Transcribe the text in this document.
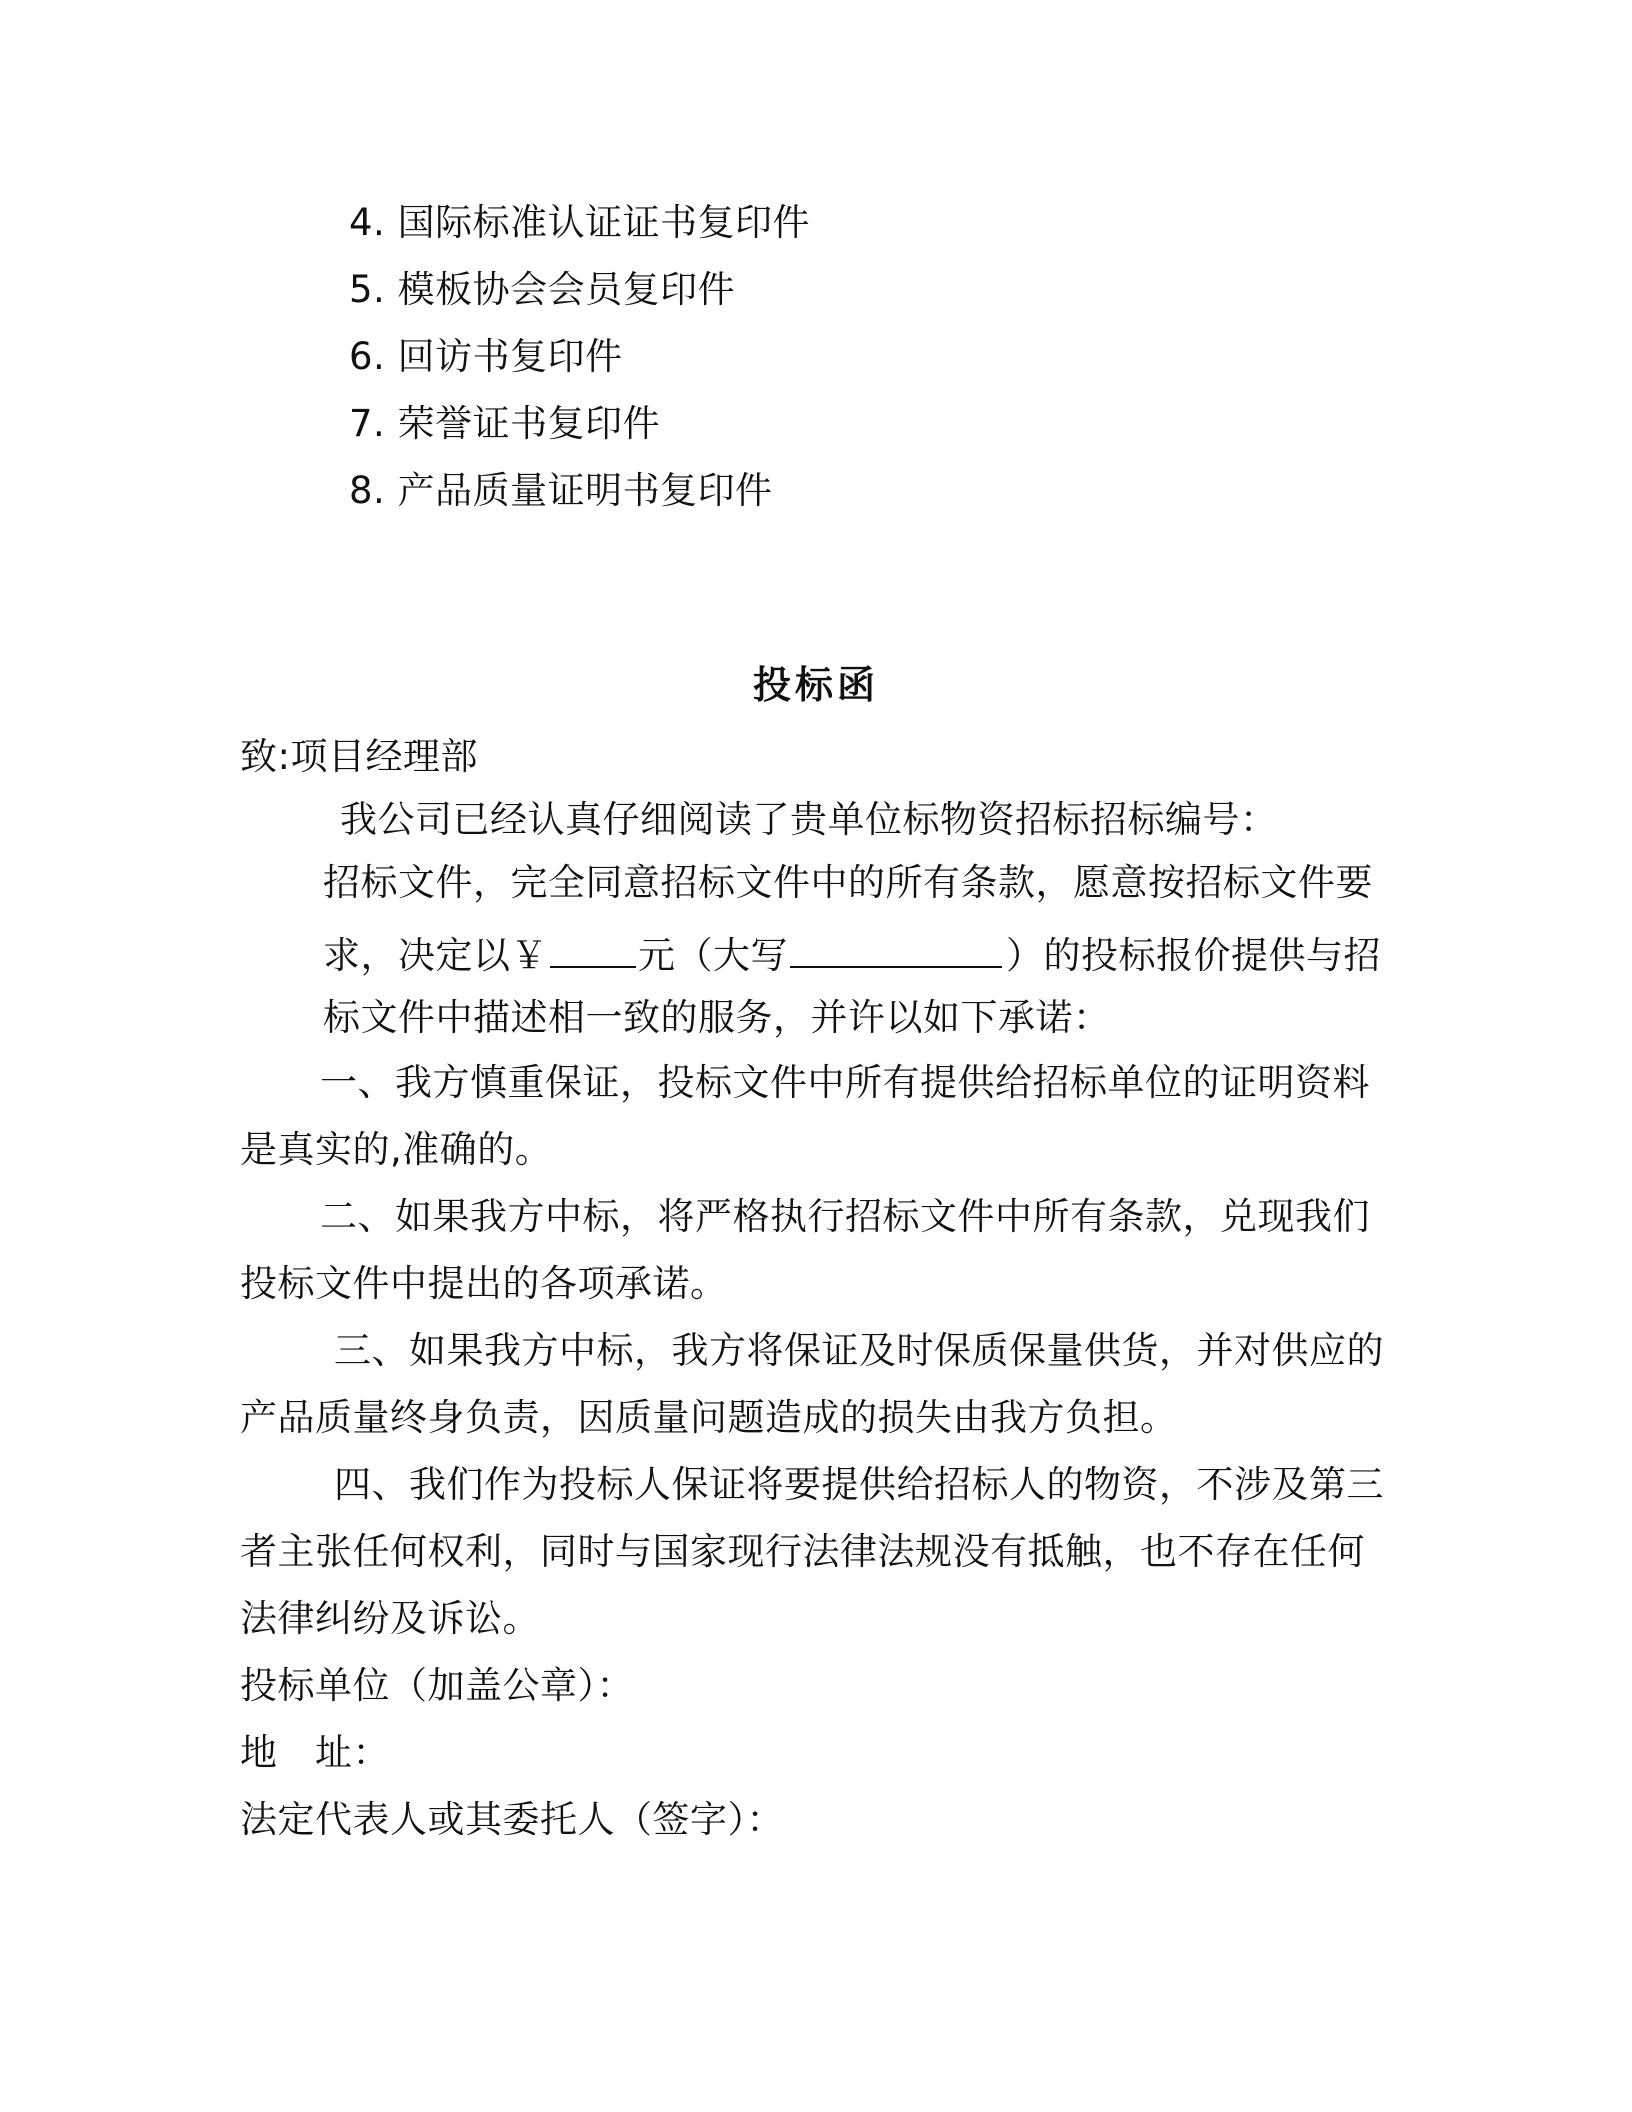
4. 国际标准认证证书复印件
5. 模板协会会员复印件
6. 回访书复印件
7. 荣誉证书复印件
8. 产品质量证明书复印件
投标函
致:项目经理部
我公司已经认真仔细阅读了贵单位标物资招标招标编号：
招标文件，完全同意招标文件中的所有条款，愿意按招标文件要
求，决定以￥ 元（大写	）的投标报价提供与招
标文件中描述相一致的服务，并许以如下承诺：
一、我方慎重保证，投标文件中所有提供给招标单位的证明资料
是真实的,准确的。
二、如果我方中标，将严格执行招标文件中所有条款，兑现我们
投标文件中提出的各项承诺。
三、如果我方中标，我方将保证及时保质保量供货，并对供应的
产品质量终身负责，因质量问题造成的损失由我方负担。
四、我们作为投标人保证将要提供给招标人的物资，不涉及第三
者主张任何权利，同时与国家现行法律法规没有抵触，也不存在任何
法律纠纷及诉讼。
投标单位（加盖公章）：
地　址：
法定代表人或其委托人（签字）：
